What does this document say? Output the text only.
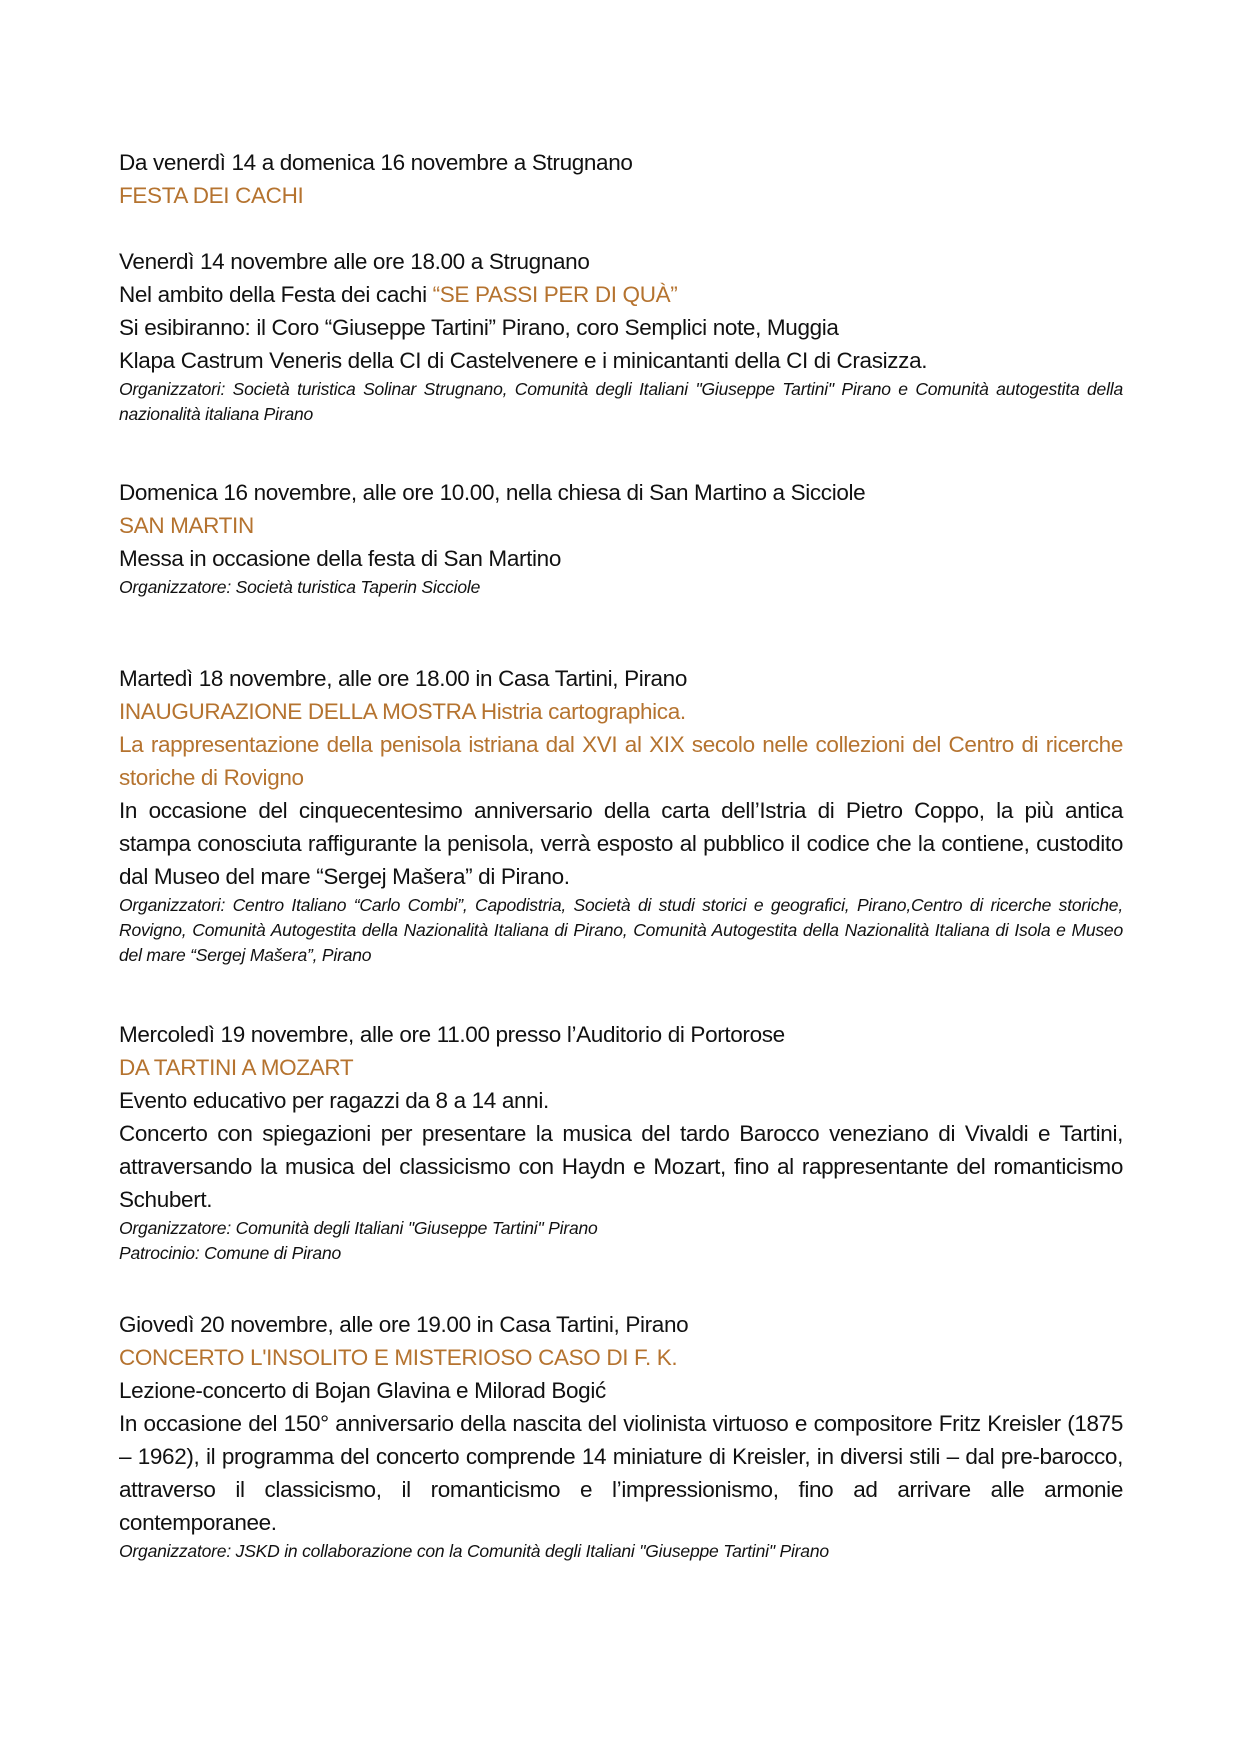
Da venerdì 14 a domenica 16 novembre a Strugnano

FESTA DEI CACHI

Venerdì 14 novembre alle ore 18.00 a Strugnano

Nel ambito della Festa dei cachi “SE PASSI PER DI QUÀ”

Si esibiranno: il Coro “Giuseppe Tartini” Pirano, coro Semplici note, Muggia

Klapa Castrum Veneris della CI di Castelvenere e i minicantanti della CI di Crasizza.

Organizzatori: Società turistica Solinar Strugnano, Comunità degli Italiani "Giuseppe Tartini" Pirano e Comunità autogestita della nazionalità italiana Pirano

Domenica 16 novembre, alle ore 10.00, nella chiesa di San Martino a Sicciole

SAN MARTIN

Messa in occasione della festa di San Martino

Organizzatore: Società turistica Taperin Sicciole

Martedì 18 novembre, alle ore 18.00 in Casa Tartini, Pirano

INAUGURAZIONE DELLA MOSTRA Histria cartographica.

La rappresentazione della penisola istriana dal XVI al XIX secolo nelle collezioni del Centro di ricerche storiche di Rovigno

In occasione del cinquecentesimo anniversario della carta dell’Istria di Pietro Coppo, la più antica stampa conosciuta raffigurante la penisola, verrà esposto al pubblico il codice che la contiene, custodito dal Museo del mare “Sergej Mašera” di Pirano.

Organizzatori: Centro Italiano “Carlo Combi”, Capodistria, Società di studi storici e geografici, Pirano,Centro di ricerche storiche, Rovigno, Comunità Autogestita della Nazionalità Italiana di Pirano, Comunità Autogestita della Nazionalità Italiana di Isola e Museo del mare “Sergej Mašera”, Pirano

Mercoledì 19 novembre, alle ore 11.00 presso l’Auditorio di Portorose

DA TARTINI A MOZART

Evento educativo per ragazzi da 8 a 14 anni.

Concerto con spiegazioni per presentare la musica del tardo Barocco veneziano di Vivaldi e Tartini, attraversando la musica del classicismo con Haydn e Mozart, fino al rappresentante del romanticismo Schubert.

Organizzatore: Comunità degli Italiani "Giuseppe Tartini" Pirano

Patrocinio: Comune di Pirano

Giovedì 20 novembre, alle ore 19.00 in Casa Tartini, Pirano

CONCERTO L'INSOLITO E MISTERIOSO CASO DI F. K.

Lezione-concerto di Bojan Glavina e Milorad Bogić

In occasione del 150° anniversario della nascita del violinista virtuoso e compositore Fritz Kreisler (1875 – 1962), il programma del concerto comprende 14 miniature di Kreisler, in diversi stili – dal pre-barocco, attraverso il classicismo, il romanticismo e l’impressionismo, fino ad arrivare alle armonie contemporanee.

Organizzatore: JSKD in collaborazione con la Comunità degli Italiani "Giuseppe Tartini" Pirano
